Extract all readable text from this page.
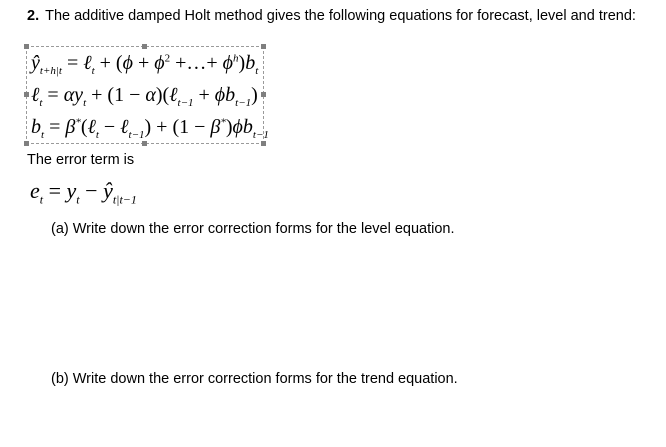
2. The additive damped Holt method gives the following equations for forecast, level and trend:
$ŷ_{t+h|t}$ = ℓ$_t$ + ($\phi + \phi^2$ +…+ $\phi^h)b_t$
ℓ$_t$ = $\alpha y_t + (1$ − α)(ℓ$_{t-1}$ + $\phi b_{t-1}$)
$b_t$ = β*(ℓ$_t$ − ℓ$_{t-1}$) + $(1 - \beta^*)\phi b_{t-1}$
The error term is
$e_t = y_t$ − $ŷ_{t|t-1}$
(a) Write down the error correction forms for the level equation.
(b) Write down the error correction forms for the trend equation.
